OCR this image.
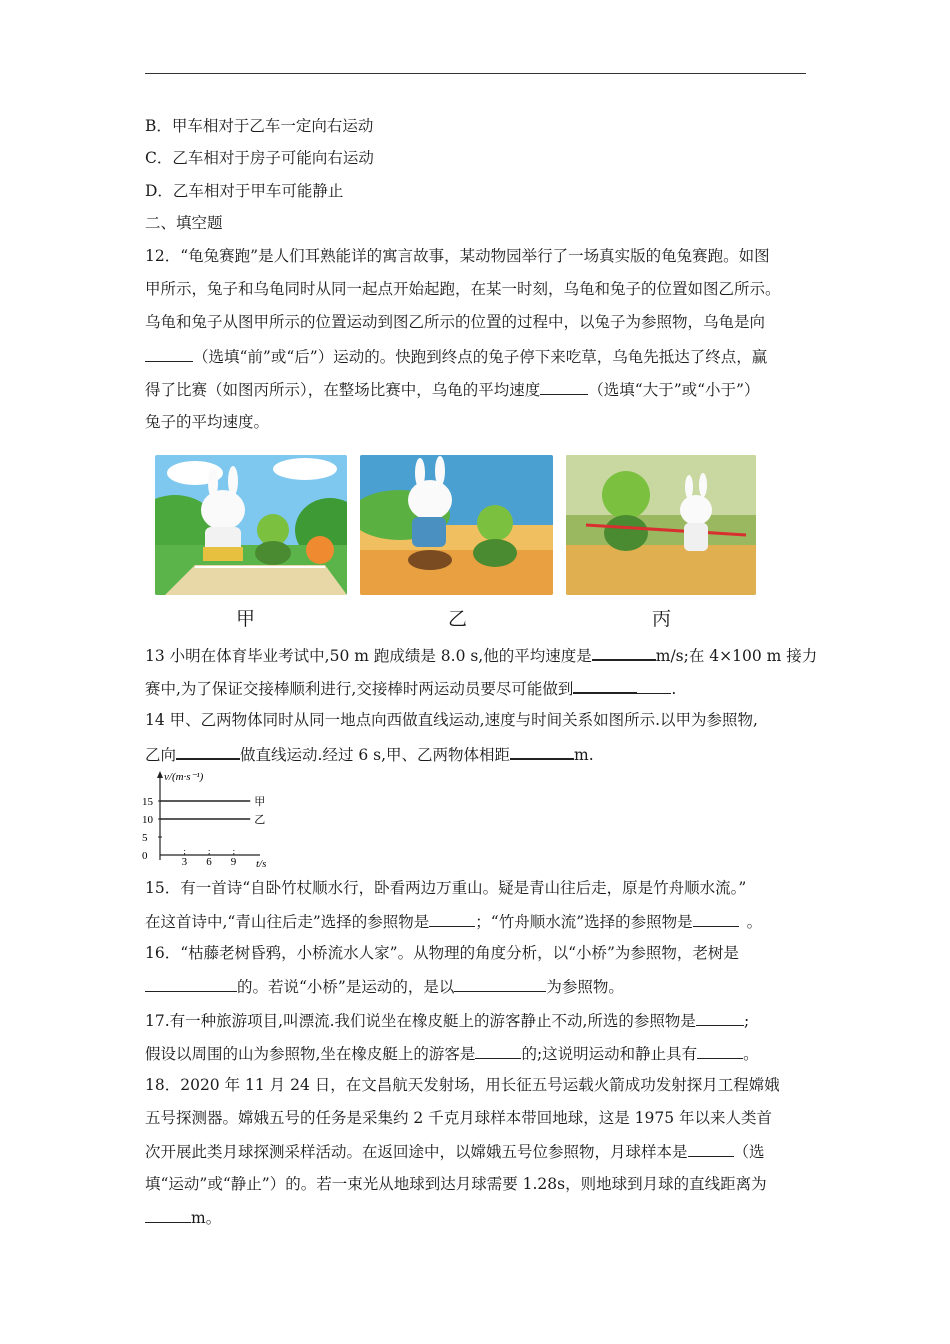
B．甲车相对于乙车一定向右运动
C．乙车相对于房子可能向右运动
D．乙车相对于甲车可能静止
二、填空题
12．“龟兔赛跑”是人们耳熟能详的寓言故事，某动物园举行了一场真实版的龟兔赛跑。如图
甲所示，兔子和乌龟同时从同一起点开始起跑，在某一时刻，乌龟和兔子的位置如图乙所示。
乌龟和兔子从图甲所示的位置运动到图乙所示的位置的过程中，以兔子为参照物，乌龟是向
（选填“前”或“后”）运动的。快跑到终点的兔子停下来吃草，乌龟先抵达了终点，赢
得了比赛（如图丙所示），在整场比赛中，乌龟的平均速度	（选填“大于”或“小于”）
兔子的平均速度。
甲	乙	丙
13 小明在体育毕业考试中,50 m 跑成绩是 8.0 s,他的平均速度是	m/s;在 4×100 m 接力
赛中,为了保证交接棒顺利进行,交接棒时两运动员要尽可能做到	.
14 甲、乙两物体同时从同一地点向西做直线运动,速度与时间关系如图所示.以甲为参照物,
乙向	做直线运动.经过 6 s,甲、乙两物体相距	m.
v/(m·s⁻¹)
t/s
0
5
10
15
3 6 9
甲
乙
15．有一首诗“自卧竹杖顺水行，卧看两边万重山。疑是青山往后走，原是竹舟顺水流。”
在这首诗中,“青山往后走”选择的参照物是	；“竹舟顺水流”选择的参照物是	。
16．“枯藤老树昏鸦，小桥流水人家”。从物理的角度分析，以“小桥”为参照物，老树是
的。若说“小桥”是运动的，是以	为参照物。
17.有一种旅游项目,叫漂流.我们说坐在橡皮艇上的游客静止不动,所选的参照物是	;
假设以周围的山为参照物,坐在橡皮艇上的游客是	的;这说明运动和静止具有	。
18．2020 年 11 月 24 日，在文昌航天发射场，用长征五号运载火箭成功发射探月工程嫦娥
五号探测器。嫦娥五号的任务是采集约 2 千克月球样本带回地球，这是 1975 年以来人类首
次开展此类月球探测采样活动。在返回途中，以嫦娥五号位参照物，月球样本是	（选
填“运动”或“静止”）的。若一束光从地球到达月球需要 1.28s，则地球到月球的直线距离为
m。
